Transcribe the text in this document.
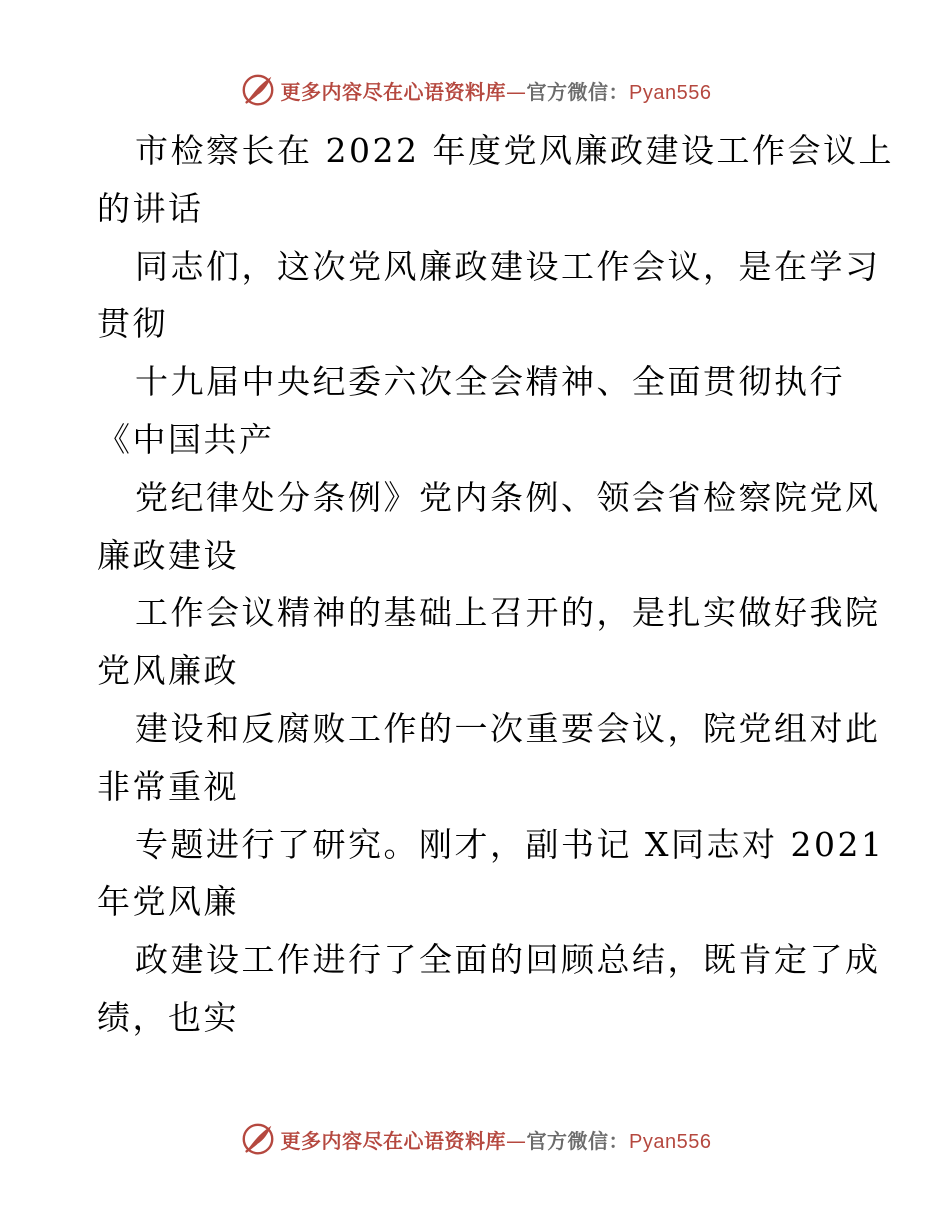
更多内容尽在心语资料库—官方微信：Pyan556
市检察长在 2022 年度党风廉政建设工作会议上
的讲话
同志们，这次党风廉政建设工作会议，是在学习
贯彻
十九届中央纪委六次全会精神、全面贯彻执行
《中国共产
党纪律处分条例》党内条例、领会省检察院党风
廉政建设
工作会议精神的基础上召开的，是扎实做好我院
党风廉政
建设和反腐败工作的一次重要会议，院党组对此
非常重视
专题进行了研究。刚才，副书记 X同志对 2021
年党风廉
政建设工作进行了全面的回顾总结，既肯定了成
绩，也实
更多内容尽在心语资料库—官方微信：Pyan556
